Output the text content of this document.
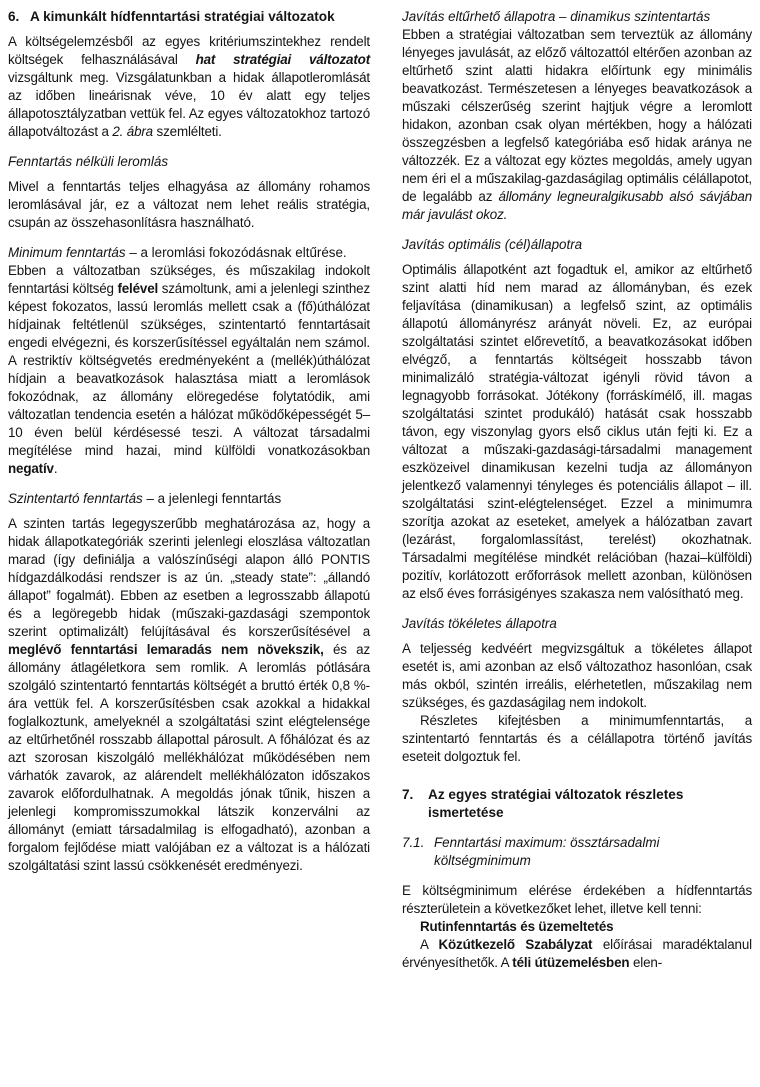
6. A kimunkált hídfenntartási stratégiai változatok

A költségelemzésből az egyes kritériumszintekhez rendelt költségek felhasználásával hat stratégiai változatot vizsgáltunk meg. Vizsgálatunkban a hidak állapotleromlását az időben lineárisnak véve, 10 év alatt egy teljes állapotosztályzatban vettük fel. Az egyes változatokhoz tartozó állapotváltozást a 2. ábra szemlélteti.

Fenntartás nélküli leromlás

Mivel a fenntartás teljes elhagyása az állomány rohamos leromlásával jár, ez a változat nem lehet reális stratégia, csupán az összehasonlításra használható.

Minimum fenntartás – a leromlási fokozódásnak eltűrése.

Ebben a változatban szükséges, és műszakilag indokolt fenntartási költség felével számoltunk, ami a jelenlegi szinthez képest fokozatos, lassú leromlás mellett csak a (fő)úthálózat hídjainak feltétlenül szükséges, szintentartó fenntartásait engedi elvégezni, és korszerűsítéssel egyáltalán nem számol. A restriktív költségvetés eredményeként a (mellék)úthálózat hídjain a beavatkozások halasztása miatt a leromlások fokozódnak, az állomány elöregedése folytatódik, ami változatlan tendencia esetén a hálózat működőképességét 5–10 éven belül kérdésessé teszi. A változat társadalmi megítélése mind hazai, mind külföldi vonatkozásokban negatív.

Szintentartó fenntartás – a jelenlegi fenntartás

A szinten tartás legegyszerűbb meghatározása az, hogy a hidak állapotkategóriák szerinti jelenlegi eloszlása változatlan marad (így definiálja a valószínűségi alapon álló PONTIS hídgazdálkodási rendszer is az ún. „steady state”: „állandó állapot” fogalmát). Ebben az esetben a legrosszabb állapotú és a legöregebb hidak (műszaki-gazdasági szempontok szerint optimalizált) felújításával és korszerűsítésével a meglévő fenntartási lemaradás nem növekszik, és az állomány átlagéletkora sem romlik. A leromlás pótlására szolgáló szintentartó fenntartás költségét a bruttó érték 0,8 %-ára vettük fel. A korszerűsítésben csak azokkal a hidakkal foglalkoztunk, amelyeknél a szolgáltatási szint elégtelensége az eltűrhetőnél rosszabb állapottal párosult. A főhálózat és az azt szorosan kiszolgáló mellékhálózat működésében nem várhatók zavarok, az alárendelt mellékhálózaton időszakos zavarok előfordulhatnak. A megoldás jónak tűnik, hiszen a jelenlegi kompromisszumokkal látszik konzerválni az állományt (emiatt társadalmilag is elfogadható), azonban a forgalom fejlődése miatt valójában ez a változat is a hálózati szolgáltatási szint lassú csökkenését eredményezi.

Javítás eltűrhető állapotra – dinamikus szintentartás

Ebben a stratégiai változatban sem terveztük az állomány lényeges javulását, az előző változattól eltérően azonban az eltűrhető szint alatti hidakra előírtunk egy minimális beavatkozást. Természetesen a lényeges beavatkozások a műszaki célszerűség szerint hajtjuk végre a leromlott hidakon, azonban csak olyan mértékben, hogy a hálózati összegzésben a legfelső kategóriába eső hidak aránya ne változzék. Ez a változat egy köztes megoldás, amely ugyan nem éri el a műszakilag-gazdaságilag optimális célállapotot, de legalább az állomány legneuralgikusabb alsó sávjában már javulást okoz.

Javítás optimális (cél)állapotra

Optimális állapotként azt fogadtuk el, amikor az eltűrhető szint alatti híd nem marad az állományban, és ezek feljavítása (dinamikusan) a legfelső szint, az optimális állapotú állományrész arányát növeli. Ez, az európai szolgáltatási szintet előrevetítő, a beavatkozásokat időben elvégző, a fenntartás költségeit hosszabb távon minimalizáló stratégia-változat igényli rövid távon a legnagyobb forrásokat. Jótékony (forráskímélő, ill. magas szolgáltatási szintet produkáló) hatását csak hosszabb távon, egy viszonylag gyors első ciklus után fejti ki. Ez a változat a műszaki-gazdasági-társadalmi management eszközeivel dinamikusan kezelni tudja az állományon jelentkező valamennyi tényleges és potenciális állapot – ill. szolgáltatási szint-elégtelenséget. Ezzel a minimumra szorítja azokat az eseteket, amelyek a hálózatban zavart (lezárást, forgalomlassítást, terelést) okozhatnak. Társadalmi megítélése mindkét relációban (hazai–külföldi) pozitív, korlátozott erőforrások mellett azonban, különösen az első éves forrásigényes szakasza nem valósítható meg.

Javítás tökéletes állapotra

A teljesség kedvéért megvizsgáltuk a tökéletes állapot esetét is, ami azonban az első változathoz hasonlóan, csak más okból, szintén irreális, elérhetetlen, műszakilag nem szükséges, és gazdaságilag nem indokolt.

Részletes kifejtésben a minimumfenntartás, a szintentartó fenntartás és a célállapotra történő javítás eseteit dolgoztuk fel.

7.	Az egyes stratégiai változatok részletes ismertetése
7.1. Fenntartási maximum: össztársadalmi költségminimum

E költségminimum elérése érdekében a hídfenntartás részterületein a következőket lehet, illetve kell tenni:

Rutinfenntartás és üzemeltetés

A Közútkezelő Szabályzat előírásai maradéktalanul érvényesíthetők. A téli útüzemelésben elen-
